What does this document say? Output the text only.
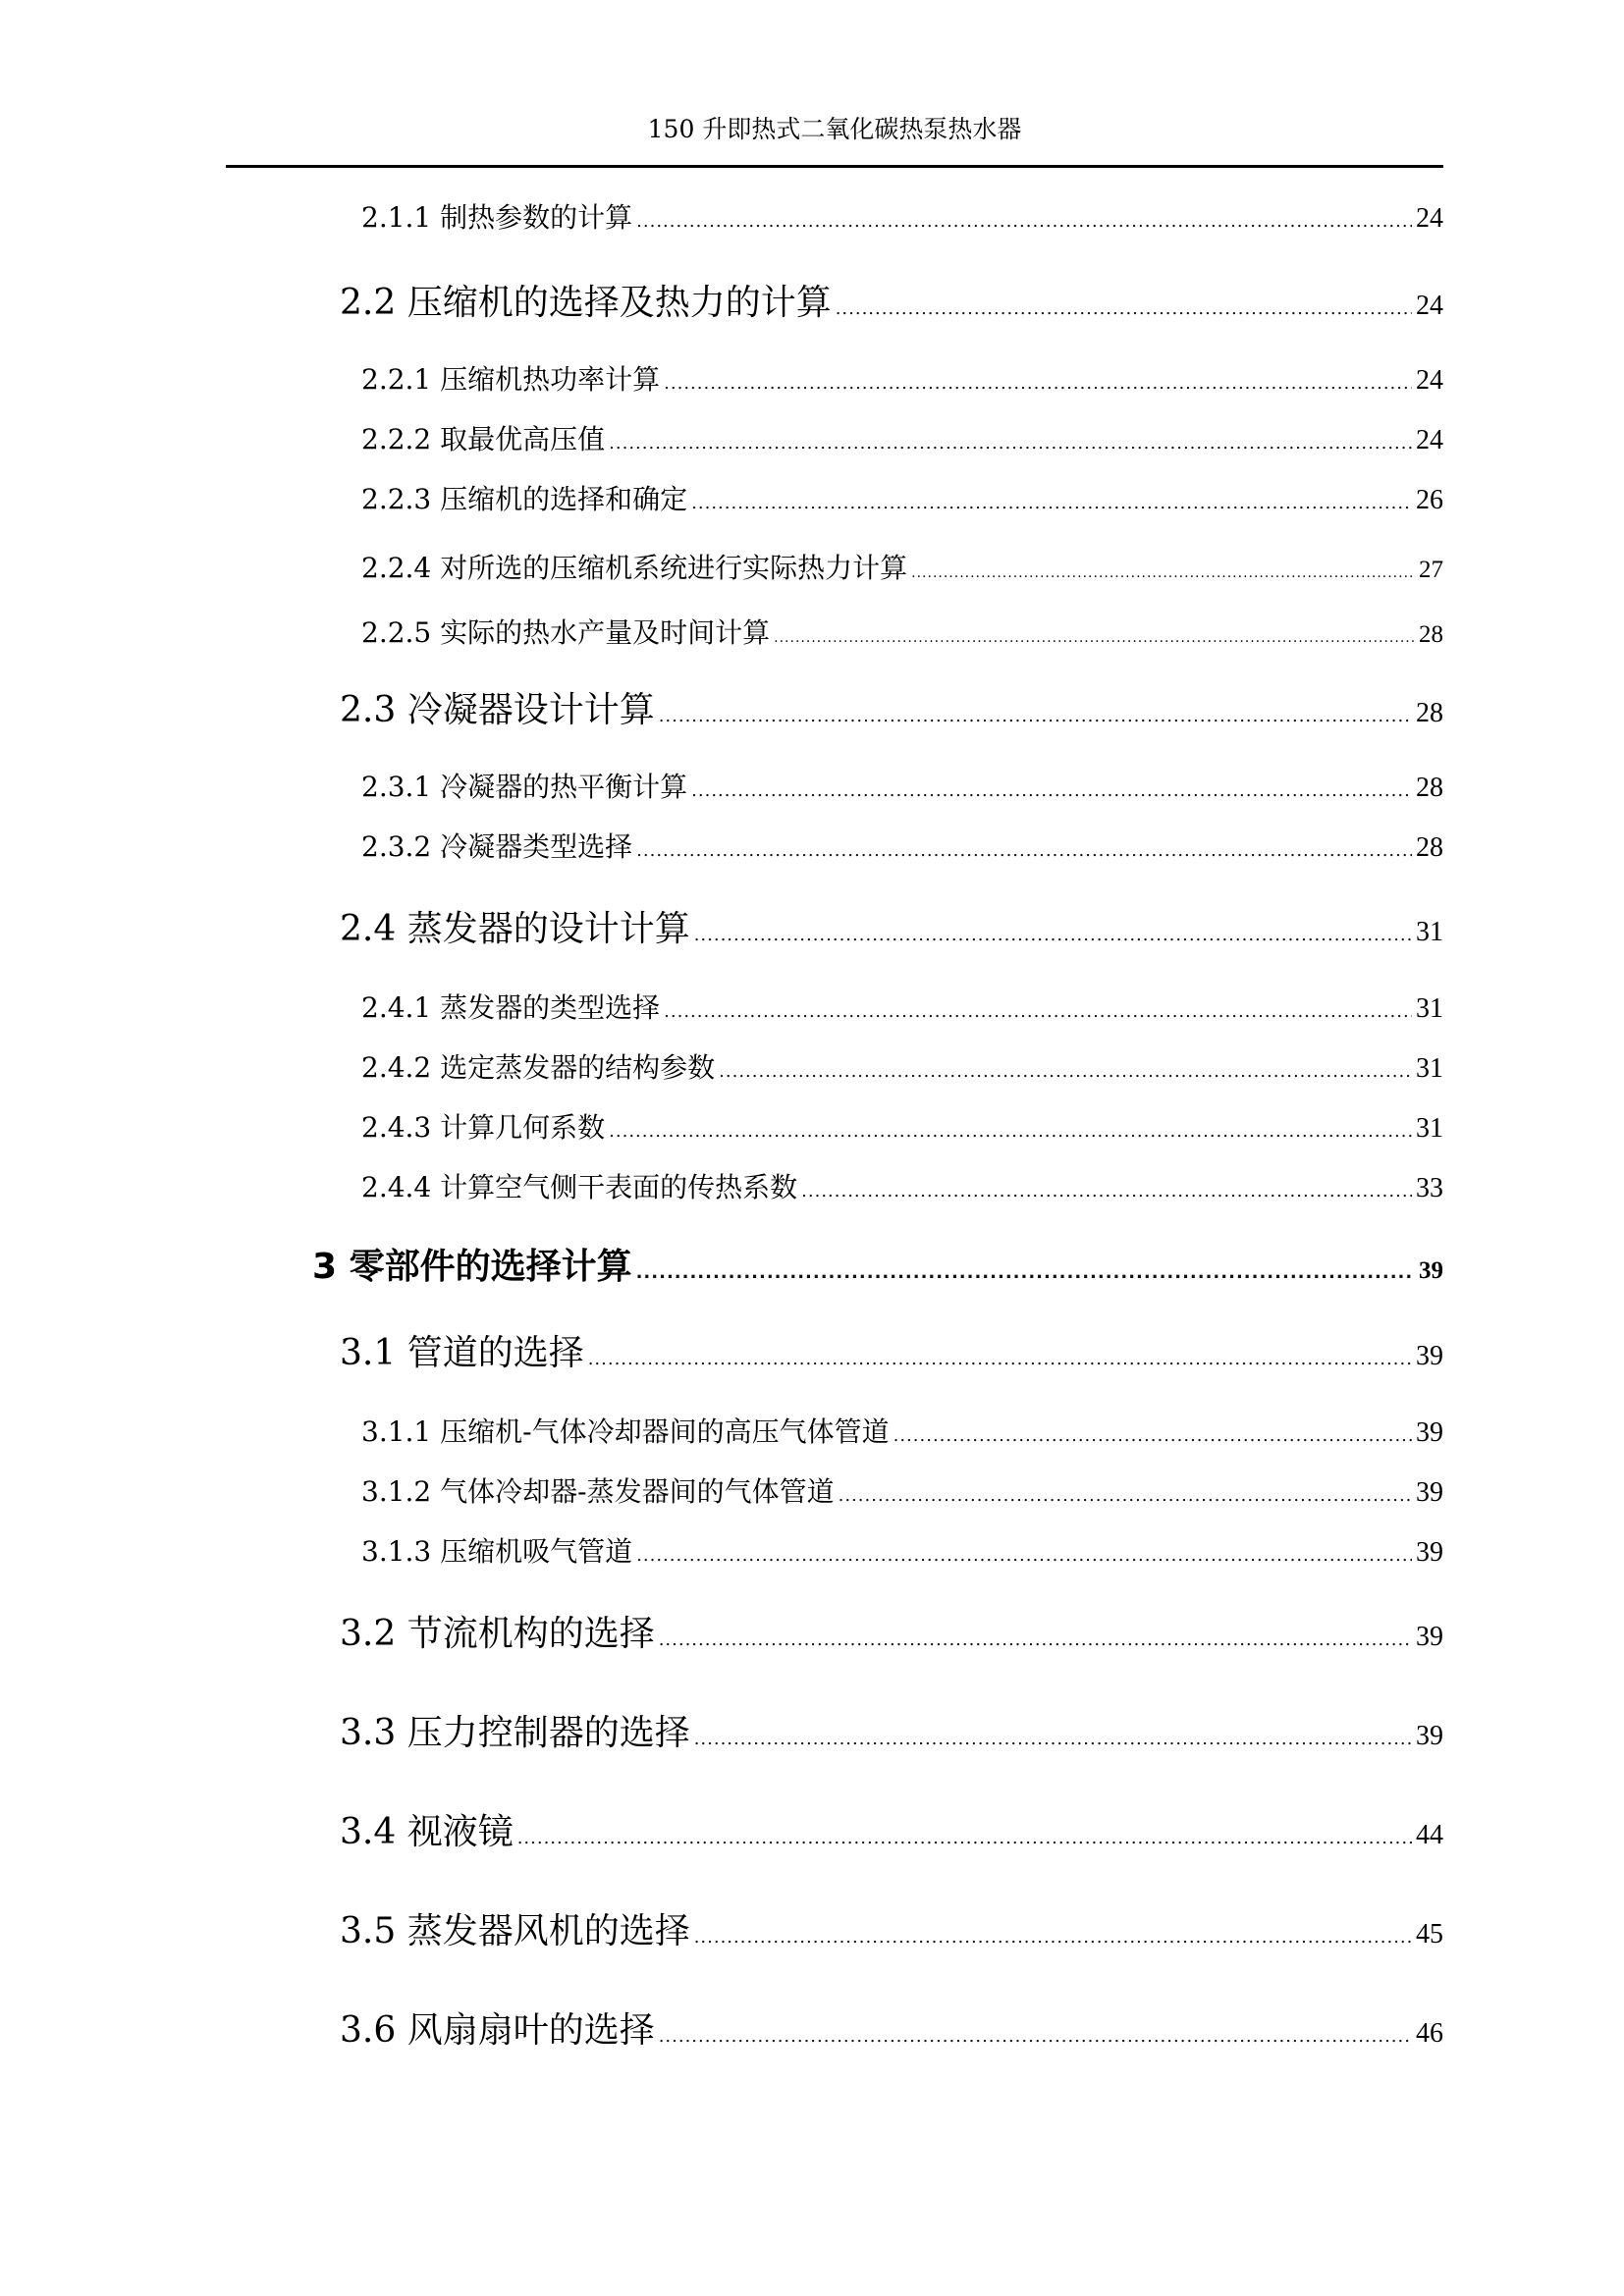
150 升即热式二氧化碳热泵热水器
2.1.1 制热参数的计算 .....	24
2.2 压缩机的选择及热力的计算 .....	24
2.2.1 压缩机热功率计算 .....	24
2.2.2 取最优高压值 .....	24
2.2.3 压缩机的选择和确定 .....	26
2.2.4 对所选的压缩机系统进行实际热力计算 .....	27
2.2.5 实际的热水产量及时间计算 .....	28
2.3 冷凝器设计计算 .....	28
2.3.1 冷凝器的热平衡计算 .....	28
2.3.2 冷凝器类型选择 .....	28
2.4 蒸发器的设计计算 .....	31
2.4.1 蒸发器的类型选择 .....	31
2.4.2 选定蒸发器的结构参数 .....	31
2.4.3 计算几何系数 .....	31
2.4.4 计算空气侧干表面的传热系数 .....	33
3 零部件的选择计算 .....	39
3.1 管道的选择 .....	39
3.1.1 压缩机-气体冷却器间的高压气体管道 .....	39
3.1.2 气体冷却器-蒸发器间的气体管道 .....	39
3.1.3 压缩机吸气管道 .....	39
3.2 节流机构的选择 .....	39
3.3 压力控制器的选择 .....	39
3.4 视液镜 .....	44
3.5 蒸发器风机的选择 .....	45
3.6 风扇扇叶的选择 .....	46
